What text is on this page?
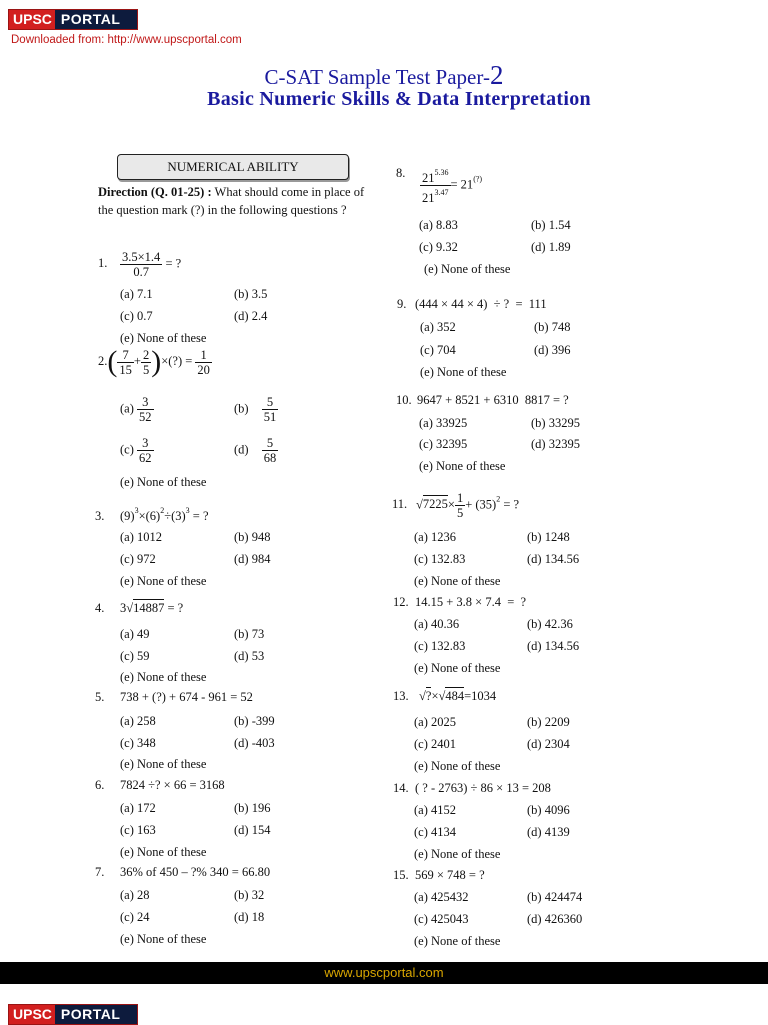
UPSC PORTAL
Downloaded from: http://www.upscportal.com
C-SAT Sample Test Paper-2
Basic Numeric Skills & Data Interpretation
NUMERICAL ABILITY
Direction (Q. 01-25) : What should come in place of the question mark (?) in the following questions ?
1. $\frac{3.5\times 1.4}{0.7}$ = ?
(a) 7.1	(b) 3.5
(c) 0.7	(d) 2.4
(e) None of these
$2.( \frac{7}{15} + \frac{2}{5}$ )×(?) = $\frac{1}{20}$
$(a) \frac{3}{52}$	$(b) \frac{5}{51}$
$(c) \frac{3}{62}$	$(d) \frac{5}{68}$
(e) None of these
3. $(9)^3\times(6)^2\div(3)^3$ = ?
(a) 1012	(b) 948
(c) 972	(d) 984
(e) None of these
4. 3√14887 = ?
(a) 49	(b) 73
(c) 59	(d) 53
(e) None of these
5. 738 + (?) + 674 - 961 = 52
(a) 258	(b) -399
(c) 348	(d) -403
(e) None of these
6. 7824 ÷? × 66 = 3168
(a) 172	(b) 196
(c) 163	(d) 154
(e) None of these
7. 36% of 450 – ?% 340 = 66.80
(a) 28	(b) 32
(c) 24	(d) 18
(e) None of these
8. $\frac{21^{5.36}}{21^{3.47}} = 21^{(?)}$
(a) 8.83	(b) 1.54
(c) 9.32	(d) 1.89
(e) None of these
9. (444 × 44 × 4)  ÷ ?  =  111
(a) 352	(b) 748
(c) 704	(d) 396
(e) None of these
10. 9647 + 8521 + 6310  8817 = ?
(a) 33925	(b) 33295
(c) 32395	(d) 32395
(e) None of these
11. $√7225\times \frac{1}{5} + (35)^2$ = ?
(a) 1236	(b) 1248
(c) 132.83	(d) 134.56
(e) None of these
12. 14.15 + 3.8 × 7.4  =  ?
(a) 40.36	(b) 42.36
(c) 132.83	(d) 134.56
(e) None of these
13. √?×√484=1034
(a) 2025	(b) 2209
(c) 2401	(d) 2304
(e) None of these
14. ( ? - 2763) ÷ 86 × 13 = 208
(a) 4152	(b) 4096
(c) 4134	(d) 4139
(e) None of these
15. 569 × 748 = ?
(a) 425432	(b) 424474
(c) 425043	(d) 426360
(e) None of these
www.upscportal.com
UPSC PORTAL
